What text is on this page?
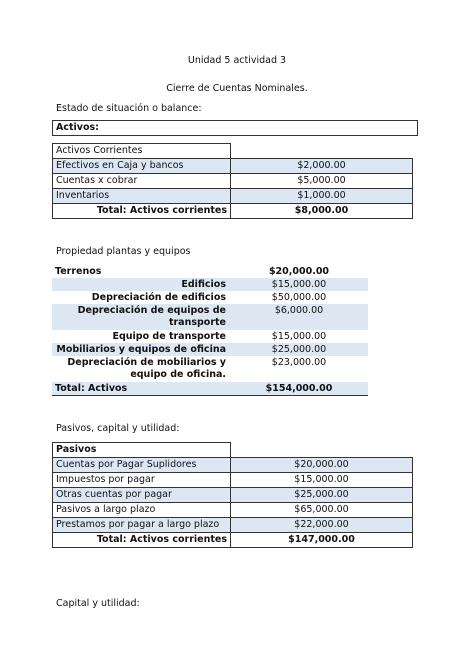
Unidad 5 actividad 3
Cierre de Cuentas Nominales.
Estado de situación o balance:
Activos:
Activos Corrientes	
Efectivos en Caja y bancos	$2,000.00
Cuentas x cobrar	$5,000.00
Inventarios	$1,000.00
Total: Activos corrientes	$8,000.00
Propiedad plantas y equipos
Terrenos	$20,000.00
Edificios	$15,000.00
Depreciación de edificios	$50,000.00
Depreciación de equipos de transporte	$6,000.00
Equipo de transporte	$15,000.00
Mobiliarios y equipos de oficina	$25,000.00
Depreciación de mobiliarios y equipo de oficina.	$23,000.00
Total: Activos	$154,000.00
Pasivos, capital y utilidad:
Pasivos	
Cuentas por Pagar Suplidores	$20,000.00
Impuestos por pagar	$15,000.00
Otras cuentas por pagar	$25,000.00
Pasivos a largo plazo	$65,000.00
Prestamos por pagar a largo plazo	$22,000.00
Total: Activos corrientes	$147,000.00
Capital y utilidad:
